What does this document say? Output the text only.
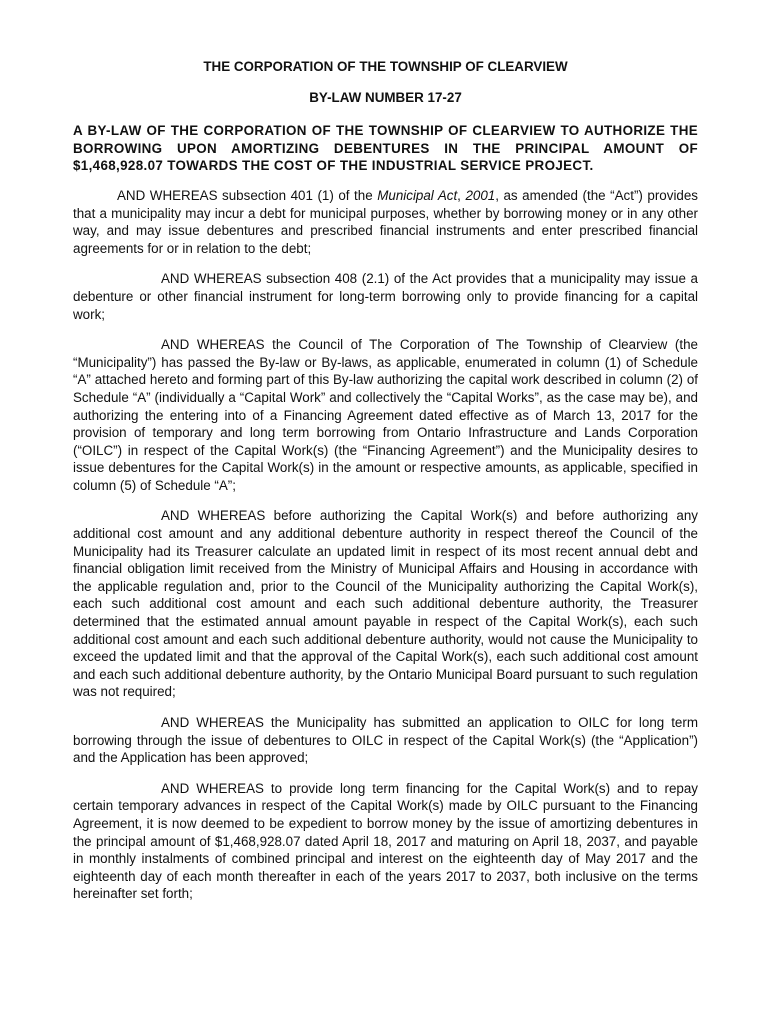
THE CORPORATION OF THE TOWNSHIP OF CLEARVIEW
BY-LAW NUMBER 17-27
A BY-LAW OF THE CORPORATION OF THE TOWNSHIP OF CLEARVIEW TO AUTHORIZE THE BORROWING UPON AMORTIZING DEBENTURES IN THE PRINCIPAL AMOUNT OF $1,468,928.07 TOWARDS THE COST OF THE INDUSTRIAL SERVICE PROJECT.

AND WHEREAS subsection 401 (1) of the Municipal Act, 2001, as amended (the “Act”) provides that a municipality may incur a debt for municipal purposes, whether by borrowing money or in any other way, and may issue debentures and prescribed financial instruments and enter prescribed financial agreements for or in relation to the debt;

AND WHEREAS subsection 408 (2.1) of the Act provides that a municipality may issue a debenture or other financial instrument for long-term borrowing only to provide financing for a capital work;

AND WHEREAS the Council of The Corporation of The Township of Clearview (the “Municipality”) has passed the By-law or By-laws, as applicable, enumerated in column (1) of Schedule “A” attached hereto and forming part of this By-law authorizing the capital work described in column (2) of Schedule “A” (individually a “Capital Work” and collectively the “Capital Works”, as the case may be), and authorizing the entering into of a Financing Agreement dated effective as of March 13, 2017 for the provision of temporary and long term borrowing from Ontario Infrastructure and Lands Corporation (“OILC”) in respect of the Capital Work(s) (the “Financing Agreement”) and the Municipality desires to issue debentures for the Capital Work(s) in the amount or respective amounts, as applicable, specified in column (5) of Schedule “A”;

AND WHEREAS before authorizing the Capital Work(s) and before authorizing any additional cost amount and any additional debenture authority in respect thereof the Council of the Municipality had its Treasurer calculate an updated limit in respect of its most recent annual debt and financial obligation limit received from the Ministry of Municipal Affairs and Housing in accordance with the applicable regulation and, prior to the Council of the Municipality authorizing the Capital Work(s), each such additional cost amount and each such additional debenture authority, the Treasurer determined that the estimated annual amount payable in respect of the Capital Work(s), each such additional cost amount and each such additional debenture authority, would not cause the Municipality to exceed the updated limit and that the approval of the Capital Work(s), each such additional cost amount and each such additional debenture authority, by the Ontario Municipal Board pursuant to such regulation was not required;

AND WHEREAS the Municipality has submitted an application to OILC for long term borrowing through the issue of debentures to OILC in respect of the Capital Work(s) (the “Application”) and the Application has been approved;

AND WHEREAS to provide long term financing for the Capital Work(s) and to repay certain temporary advances in respect of the Capital Work(s) made by OILC pursuant to the Financing Agreement, it is now deemed to be expedient to borrow money by the issue of amortizing debentures in the principal amount of $1,468,928.07 dated April 18, 2017 and maturing on April 18, 2037, and payable in monthly instalments of combined principal and interest on the eighteenth day of May 2017 and the eighteenth day of each month thereafter in each of the years 2017 to 2037, both inclusive on the terms hereinafter set forth;
